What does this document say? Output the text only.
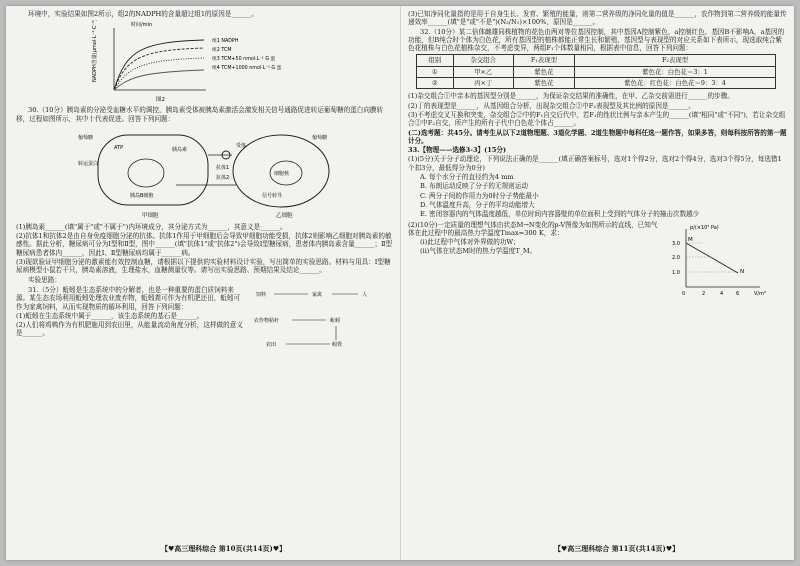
环境中，实验结果如图2所示，组2的NADPH的含量超过组1的原因是______。

NADPH含量(μmol·L⁻¹·C⁻¹)	时间/min
组1 NADPH
组2 TCM
组3 TCM+50 nmol·L⁻¹ G 蛋
组4 TCM+1000 nmol·L⁻¹ G 蛋
图2

30.（10分）胰岛素的分泌受血糖水平的调控，胰岛素受体被胰岛素激活会激发相关信号通路促进转运葡萄糖的蛋白向膜转移，过程如图所示，其中十代表促进。回答下列问题：

葡萄糖
ATP
转运蛋白
胰岛素
胰岛B细胞
受体
抗体1
抗体2
葡萄糖
细胞核
信号转导
甲细胞	乙细胞

(1)胰岛素______(填"属于"或"不属于")内环境成分，其分泌方式为______，其意义是______。

(2)抗体1和抗体2是由自身免疫细胞分泌的抗体。抗体1作用于甲细胞后会导致甲细胞功能受损，抗体2则影响乙细胞对胰岛素的敏感性。据此分析，糖尿病可分为Ⅰ型和Ⅱ型，图中______(填"抗体1"或"抗体2")会导致Ⅰ型糖尿病，患者体内胰岛素含量______；Ⅱ型糖尿病患者体内______，因此Ⅰ、Ⅱ型糖尿病均属于______病。

(3)现欲验证甲细胞分泌的激素能有效控制血糖，请根据以下提供的实验材料设计实验，写出简单的实验思路。材料与用具：Ⅰ型糖尿病模型小鼠若干只，胰岛素溶液，生理盐水，血糖测量仪等。请写出实验思路、预期结果及结论______。

实验思路：

31.（5分）蚯蚓是生态系统中的分解者，也是一种重要的蛋白质饲料来源。某生态农场利用蚯蚓处理农业废弃物，蚯蚓粪可作为有机肥还田，蚯蚓可作为家禽饲料，从而实现物质的循环利用，回答下列问题：

(1)蚯蚓在生态系统中属于______，该生态系统的基石是______。

(2)人们将鸡鸭作为有机肥施用到农田里，从能量流动角度分析，这样做的意义是______。

饲料	家禽
农作物秸秆
农田
蚯蚓
人
蚓粪
【♥高三理科综合 第10页(共14页)♥】

(3)已知净同化量指的是用于自身生长、发育、繁殖的能量，则第二营养级的净同化量的值是______，农作物到第二营养级的能量传递效率______(填"是"或"不是")(N₂/N₁)×100%，原因是______。

32.（10分）某二倍体雌雄同株植物的花色由两对等位基因控制，其中基因A控制紫色，a控制红色，基因B不影响A，a基因的功能，但B纯合时个体为白色花，所有基因型的植株都能正常生长和繁殖，基因型与表现型的对应关系如下表所示，现选取纯合紫色花植株与白色花植株杂交，不考虑变异，两组F₁个体数量相同，根据表中信息，回答下列问题：

组别	杂交组合	F₁表现型	F₂表现型
①	甲×乙	紫色花	紫色花：白色花＝3：1
②	丙×丁	紫色花	紫色花：红色花：白色花＝9：3：4

(1)杂交组合①中亲本的基因型分别是______，为保证杂交结果的准确性，在甲、乙杂交前需进行______的步骤。

(2)丁的表现型是______，从基因组合分析，出现杂交组合②中F₂表现型及其比例的原因是______。

(3)不考虑交叉互换和突变，杂交组合②中的F₁自交后代中，若F₁的性状比例与亲本产生的______(填"相同"或"不同")，若让杂交组合②中F₂自交，所产生的所有子代中白色花个体占______。

(二)选考题：共45分。请考生从以下2道物理题、3道化学题、2道生物题中每科任选一题作答，如果多答，则每科按所答的第一题计分。

33.【物理——选修3-3】(15分)

(1)(5分)关于分子动理论，下列说法正确的是______(填正确答案标号，选对1个得2分，选对2个得4分，选对3个得5分，每选错1个扣3分，最低得分为0分)

A. 每个水分子的直径约为4 mm

B. 布朗运动反映了分子的无规则运动

C. 两分子间的作用力为0时分子势能最小

D. 气体温度升高，分子的平均动能增大

E. 密闭容器内的气体温度越低，单位时间内容器壁的单位面积上受到的气体分子的撞击次数越少

(2)(10分)一定质量的理想气体由状态M→N变化的p-V图像为如图所示的直线，已知气体在此过程中的最高热力学温度Tmax=300 K，求：

(ⅰ)此过程中气体对外界做的功W；

(ⅱ)气体在状态M时的热力学温度T_M。

p/(×10⁵ Pa)
V/m³
3.0
2.0
1.0
0	2	4	6
M
N
【♥高三理科综合 第11页(共14页)♥】
